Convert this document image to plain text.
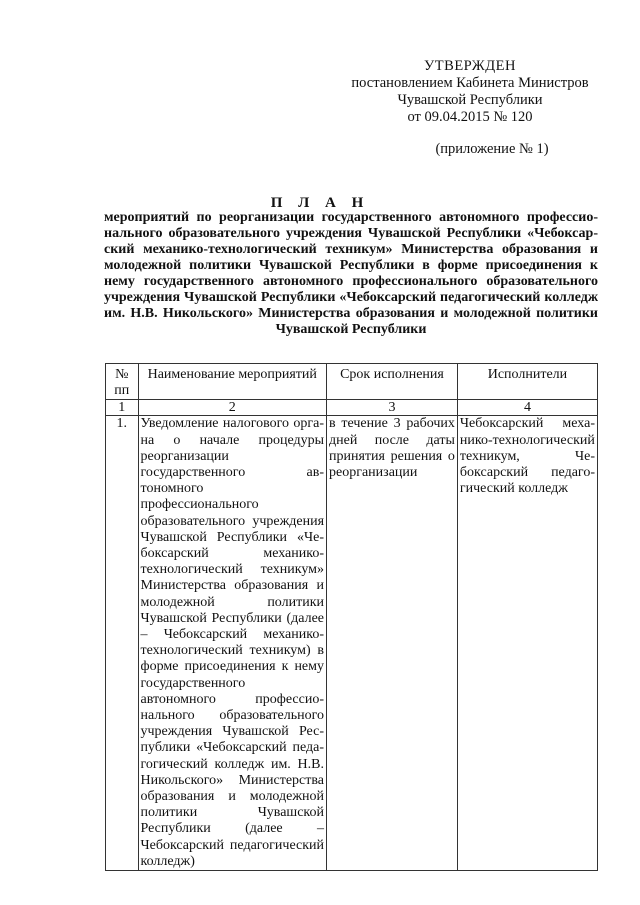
УТВЕРЖДЕН
постановлением Кабинета Министров
Чувашской Республики
от 09.04.2015 № 120
(приложение № 1)
П Л А Н
мероприятий по реорганизации государственного автономного профессионального образовательного учреждения Чувашской Республики «Чебоксарский механико-технологический техникум» Министерства образования и молодежной политики Чувашской Республики в форме присоединения к нему государственного автономного профессионального образовательного учреждения Чувашской Республики «Чебоксарский педагогический колледж им. Н.В. Никольского» Министерства образования и молодежной политики Чувашской Республики
№ пп	Наименование мероприятий	Срок исполнения	Исполнители
1	2	3	4
1.	Уведомление налогового органа о начале процедуры реорганизации государственного автономного профессионального образовательного учреждения Чувашской Республики «Чебоксарский механико-технологический техникум» Министерства образования и молодежной политики Чувашской Республики (далее – Чебоксарский механико-технологический техникум) в форме присоединения к нему государственного автономного профессионального образовательного учреждения Чувашской Республики «Чебоксарский педагогический колледж им. Н.В. Никольского» Министерства образования и молодежной политики Чувашской Республики (далее – Чебоксарский педагогический колледж)	в течение 3 рабочих дней после даты принятия решения о реорганизации	Чебоксарский механико-технологический техникум, Чебоксарский педагогический колледж
